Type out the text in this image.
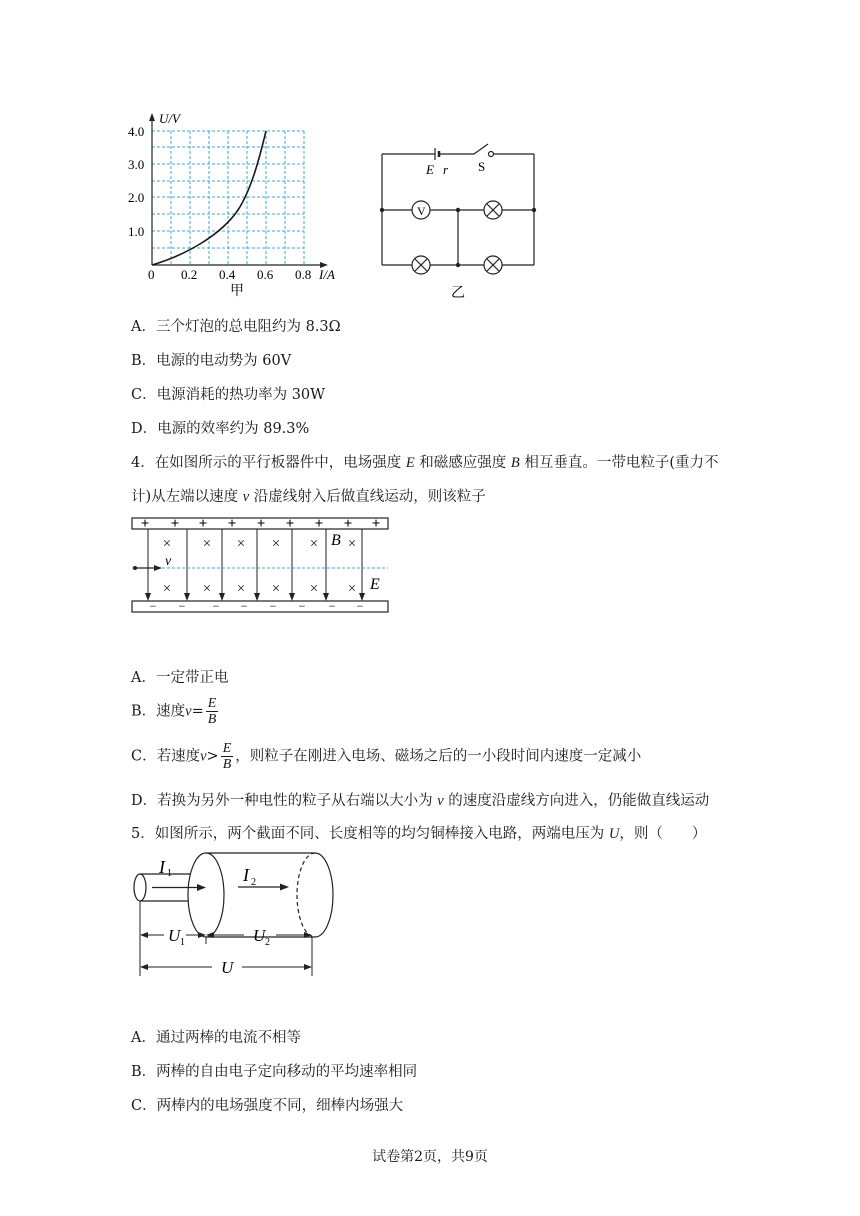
U/V
4.0
3.0
2.0
1.0
0 0.2 0.4 0.6 0.8 I/A
甲
V
E r S
乙
A．三个灯泡的总电阻约为 8.3Ω
B．电源的电动势为 60V
C．电源消耗的热功率为 30W
D．电源的效率约为 89.3%
4．在如图所示的平行板器件中，电场强度 E 和磁感应强度 B 相互垂直。一带电粒子(重力不
计)从左端以速度 v 沿虚线射入后做直线运动，则该粒子
+ + + + + + + + +
− − − − − − − −
v
× × × × × ×
× × × × × ×
B
E
A．一定带正电
B．速度$v= \frac{E}{B}$
C．若速度$v> \frac{E}{B}$ ，则粒子在刚进入电场、磁场之后的一小段时间内速度一定减小
D．若换为另外一种电性的粒子从右端以大小为 v 的速度沿虚线方向进入，仍能做直线运动
5．如图所示，两个截面不同、长度相等的均匀铜棒接入电路，两端电压为 U，则（　　）
I 1	I 2
U 1	U 2
U
A．通过两棒的电流不相等
B．两棒的自由电子定向移动的平均速率相同
C．两棒内的电场强度不同，细棒内场强大
试卷第2页，共9页
